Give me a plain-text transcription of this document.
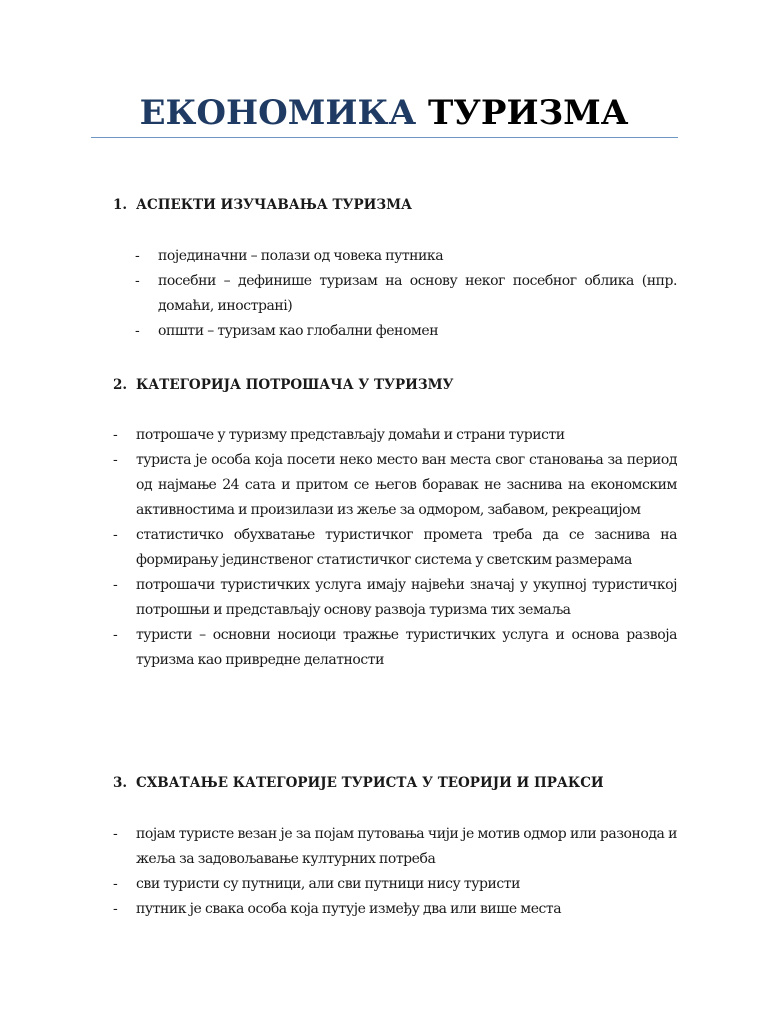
ЕКОНОМИКА ТУРИЗМА
1. АСПЕКТИ ИЗУЧАВАЊА ТУРИЗМА
- појединачни – полази од човека путника
- посебни – дефинише туризам на основу неког посебног облика (нпр. домаћи, иностранi)
- општи – туризам као глобални феномен
2. КАТЕГОРИЈА ПОТРОШАЧА У ТУРИЗМУ
- потрошаче у туризму представљају домаћи и страни туристи
- туриста је особа која посети неко место ван места свог становања за период од најмање 24 сата и притом се његов боравак не заснива на економским активностима и произилази из жеље за одмором, забавом, рекреацијом
- статистичко обухватање туристичког промета треба да се заснива на формирању јединственог статистичког система у светским размерама
- потрошачи туристичких услуга имају највећи значај у укупној туристичкој потрошњи и представљају основу развоја туризма тих земаља
- туристи – основни носиоци тражње туристичких услуга и основа развоја туризма као привредне делатности
3. СХВАТАЊЕ КАТЕГОРИЈЕ ТУРИСТА У ТЕОРИЈИ И ПРАКСИ
- појам туристе везан је за појам путовања чији је мотив одмор или разонода и жеља за задовољавање културних потреба
- сви туристи су путници, али сви путници нису туристи
- путник је свака особа која путује између два или више места
